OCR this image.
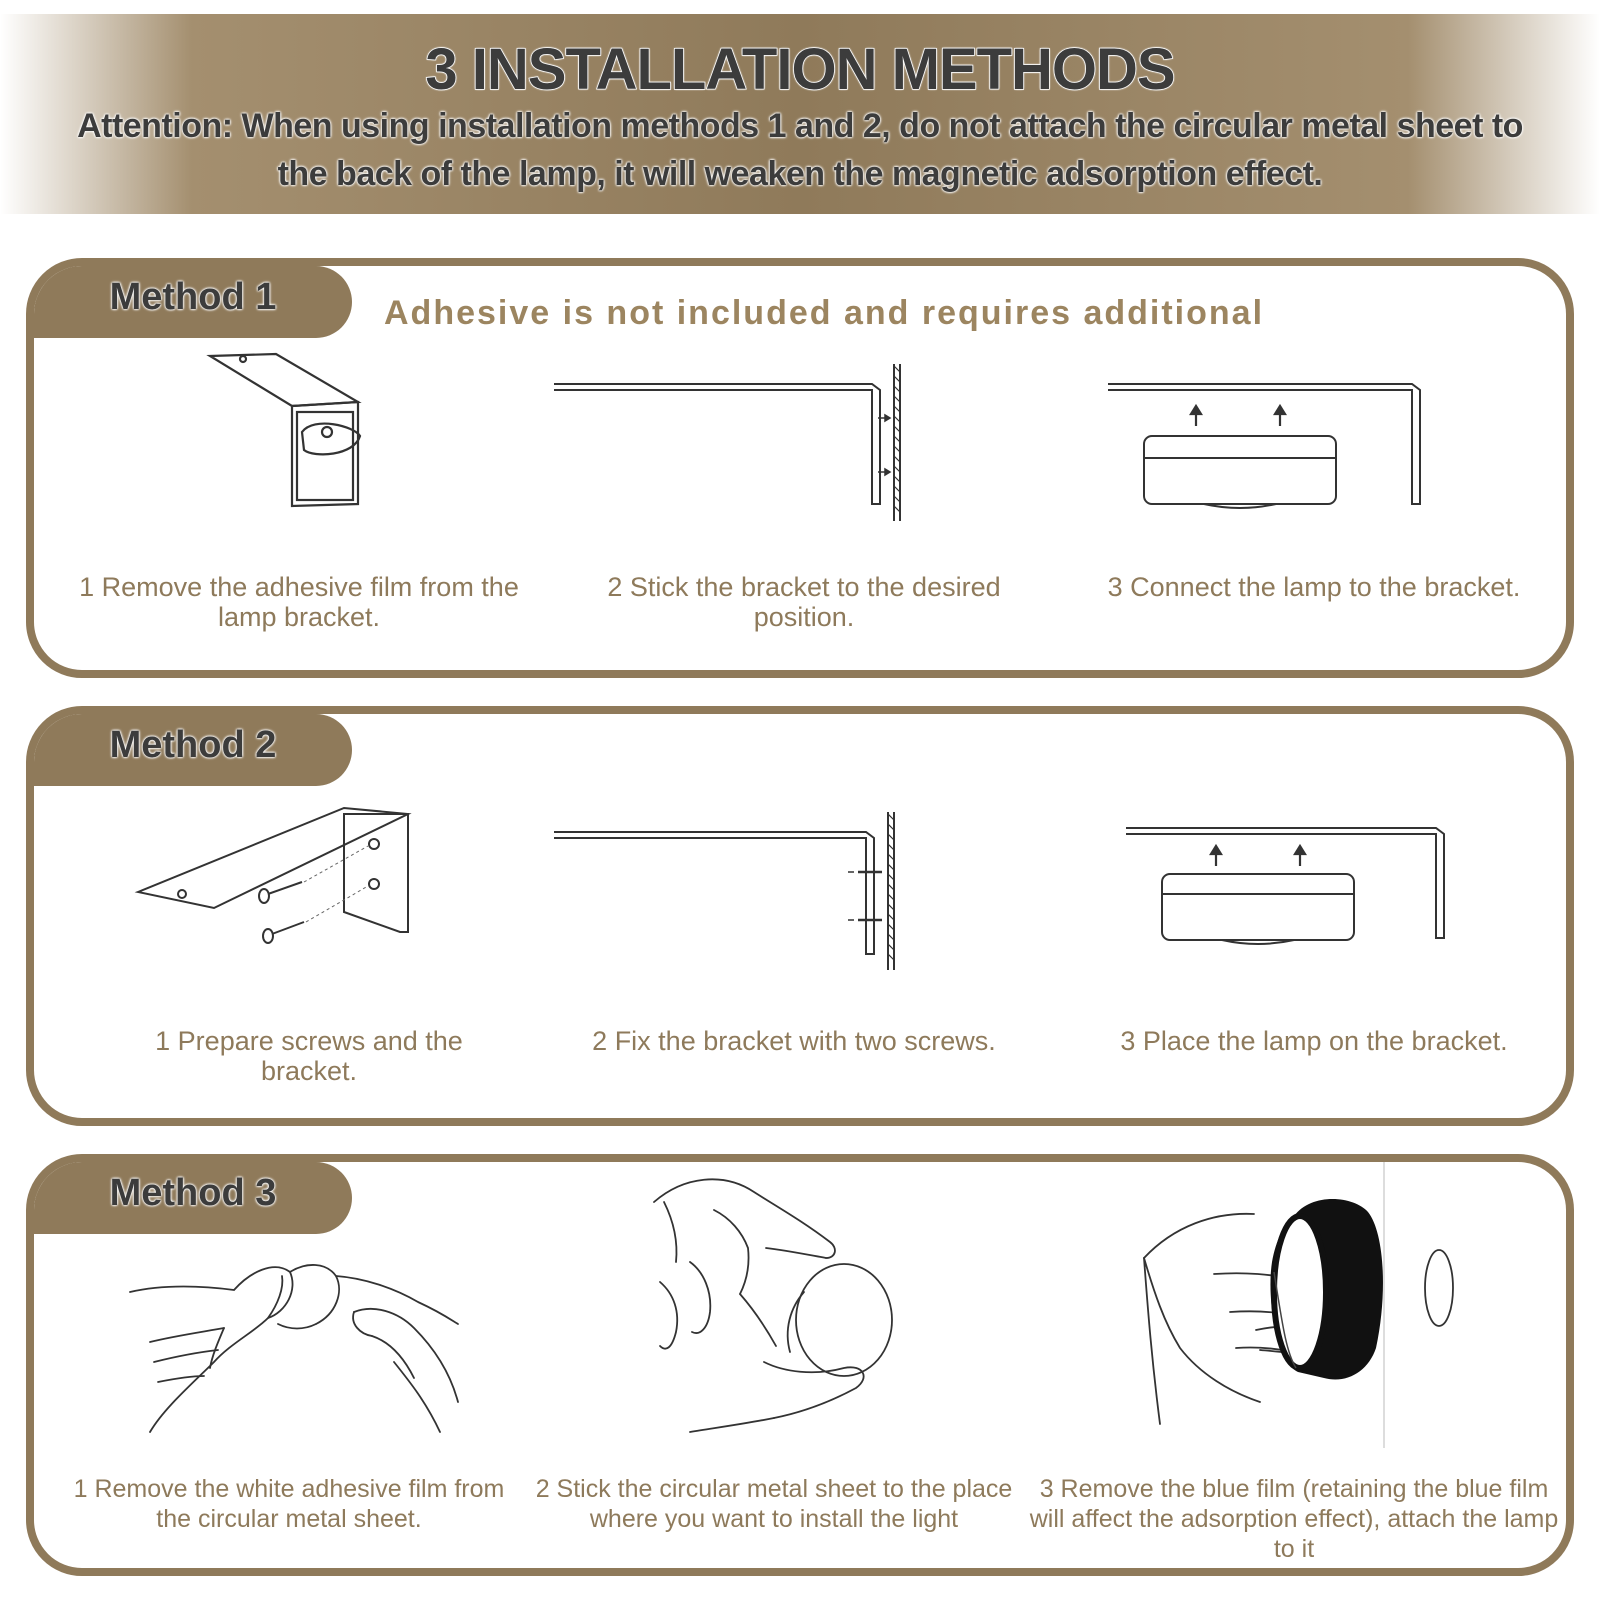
3 INSTALLATION METHODS
Attention: When using installation methods 1 and 2, do not attach the circular metal sheet to the back of the lamp, it will weaken the magnetic adsorption effect.
Method 1	Adhesive is not included and requires additional
1 Remove the adhesive film from the lamp bracket.
2 Stick the bracket to the desired position.
3 Connect the lamp to the bracket.
Method 2
1 Prepare screws and the bracket.
2 Fix the bracket with two screws.	3 Place the lamp on the bracket.
Method 3
1 Remove the white adhesive film from the circular metal sheet.
2 Stick the circular metal sheet to the place where you want to install the light
3 Remove the blue film (retaining the blue film will affect the adsorption effect), attach the lamp to it
